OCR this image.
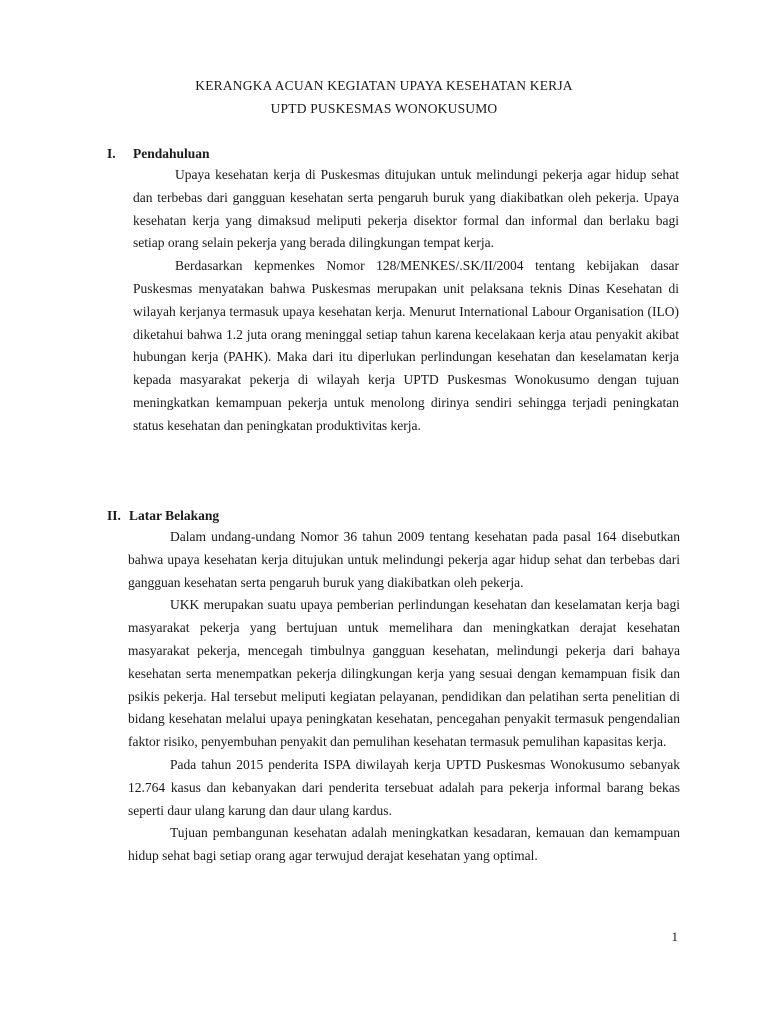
KERANGKA ACUAN KEGIATAN UPAYA KESEHATAN KERJA
UPTD PUSKESMAS WONOKUSUMO
I. Pendahuluan

Upaya kesehatan kerja di Puskesmas ditujukan untuk melindungi pekerja agar hidup sehat dan terbebas dari gangguan kesehatan serta pengaruh buruk yang diakibatkan oleh pekerja. Upaya kesehatan kerja yang dimaksud meliputi pekerja disektor formal dan informal dan berlaku bagi setiap orang selain pekerja yang berada dilingkungan tempat kerja.

Berdasarkan kepmenkes Nomor 128/MENKES/.SK/II/2004 tentang kebijakan dasar Puskesmas menyatakan bahwa Puskesmas merupakan unit pelaksana teknis Dinas Kesehatan di wilayah kerjanya termasuk upaya kesehatan kerja. Menurut International Labour Organisation (ILO) diketahui bahwa 1.2 juta orang meninggal setiap tahun karena kecelakaan kerja atau penyakit akibat hubungan kerja (PAHK). Maka dari itu diperlukan perlindungan kesehatan dan keselamatan kerja kepada masyarakat pekerja di wilayah kerja UPTD Puskesmas Wonokusumo dengan tujuan meningkatkan kemampuan pekerja untuk menolong dirinya sendiri sehingga terjadi peningkatan status kesehatan dan peningkatan produktivitas kerja.

II. Latar Belakang

Dalam undang-undang Nomor 36 tahun 2009 tentang kesehatan pada pasal 164 disebutkan bahwa upaya kesehatan kerja ditujukan untuk melindungi pekerja agar hidup sehat dan terbebas dari gangguan kesehatan serta pengaruh buruk yang diakibatkan oleh pekerja.

UKK merupakan suatu upaya pemberian perlindungan kesehatan dan keselamatan kerja bagi masyarakat pekerja yang bertujuan untuk memelihara dan meningkatkan derajat kesehatan masyarakat pekerja, mencegah timbulnya gangguan kesehatan, melindungi pekerja dari bahaya kesehatan serta menempatkan pekerja dilingkungan kerja yang sesuai dengan kemampuan fisik dan psikis pekerja. Hal tersebut meliputi kegiatan pelayanan, pendidikan dan pelatihan serta penelitian di bidang kesehatan melalui upaya peningkatan kesehatan, pencegahan penyakit termasuk pengendalian faktor risiko, penyembuhan penyakit dan pemulihan kesehatan termasuk pemulihan kapasitas kerja.

Pada tahun 2015 penderita ISPA diwilayah kerja UPTD Puskesmas Wonokusumo sebanyak 12.764 kasus dan kebanyakan dari penderita tersebuat adalah para pekerja informal barang bekas seperti daur ulang karung dan daur ulang kardus.

Tujuan pembangunan kesehatan adalah meningkatkan kesadaran, kemauan dan kemampuan hidup sehat bagi setiap orang agar terwujud derajat kesehatan yang optimal.

1
